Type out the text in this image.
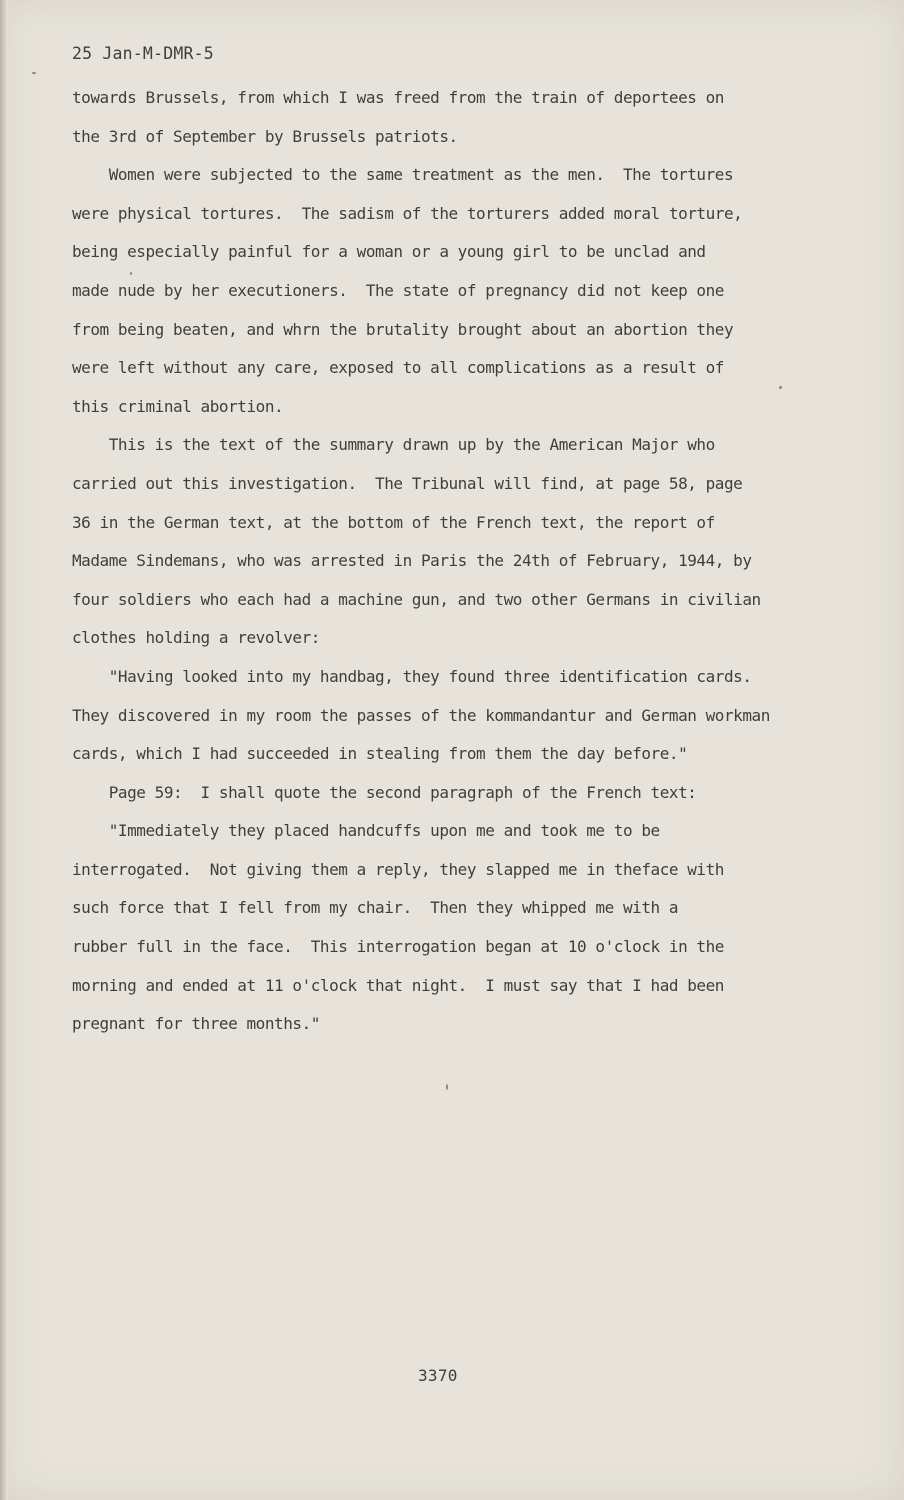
25 Jan-M-DMR-5
towards Brussels, from which I was freed from the train of deportees on
the 3rd of September by Brussels patriots.
Women were subjected to the same treatment as the men.  The tortures
were physical tortures.  The sadism of the torturers added moral torture,
being especially painful for a woman or a young girl to be unclad and
made nude by her executioners.  The state of pregnancy did not keep one
from being beaten, and whrn the brutality brought about an abortion they
were left without any care, exposed to all complications as a result of
this criminal abortion.
This is the text of the summary drawn up by the American Major who
carried out this investigation.  The Tribunal will find, at page 58, page
36 in the German text, at the bottom of the French text, the report of
Madame Sindemans, who was arrested in Paris the 24th of February, 1944, by
four soldiers who each had a machine gun, and two other Germans in civilian
clothes holding a revolver:
"Having looked into my handbag, they found three identification cards.
They discovered in my room the passes of the kommandantur and German workman
cards, which I had succeeded in stealing from them the day before."
Page 59:  I shall quote the second paragraph of the French text:
"Immediately they placed handcuffs upon me and took me to be
interrogated.  Not giving them a reply, they slapped me in theface with
such force that I fell from my chair.  Then they whipped me with a
rubber full in the face.  This interrogation began at 10 o'clock in the
morning and ended at 11 o'clock that night.  I must say that I had been
pregnant for three months."
3370
